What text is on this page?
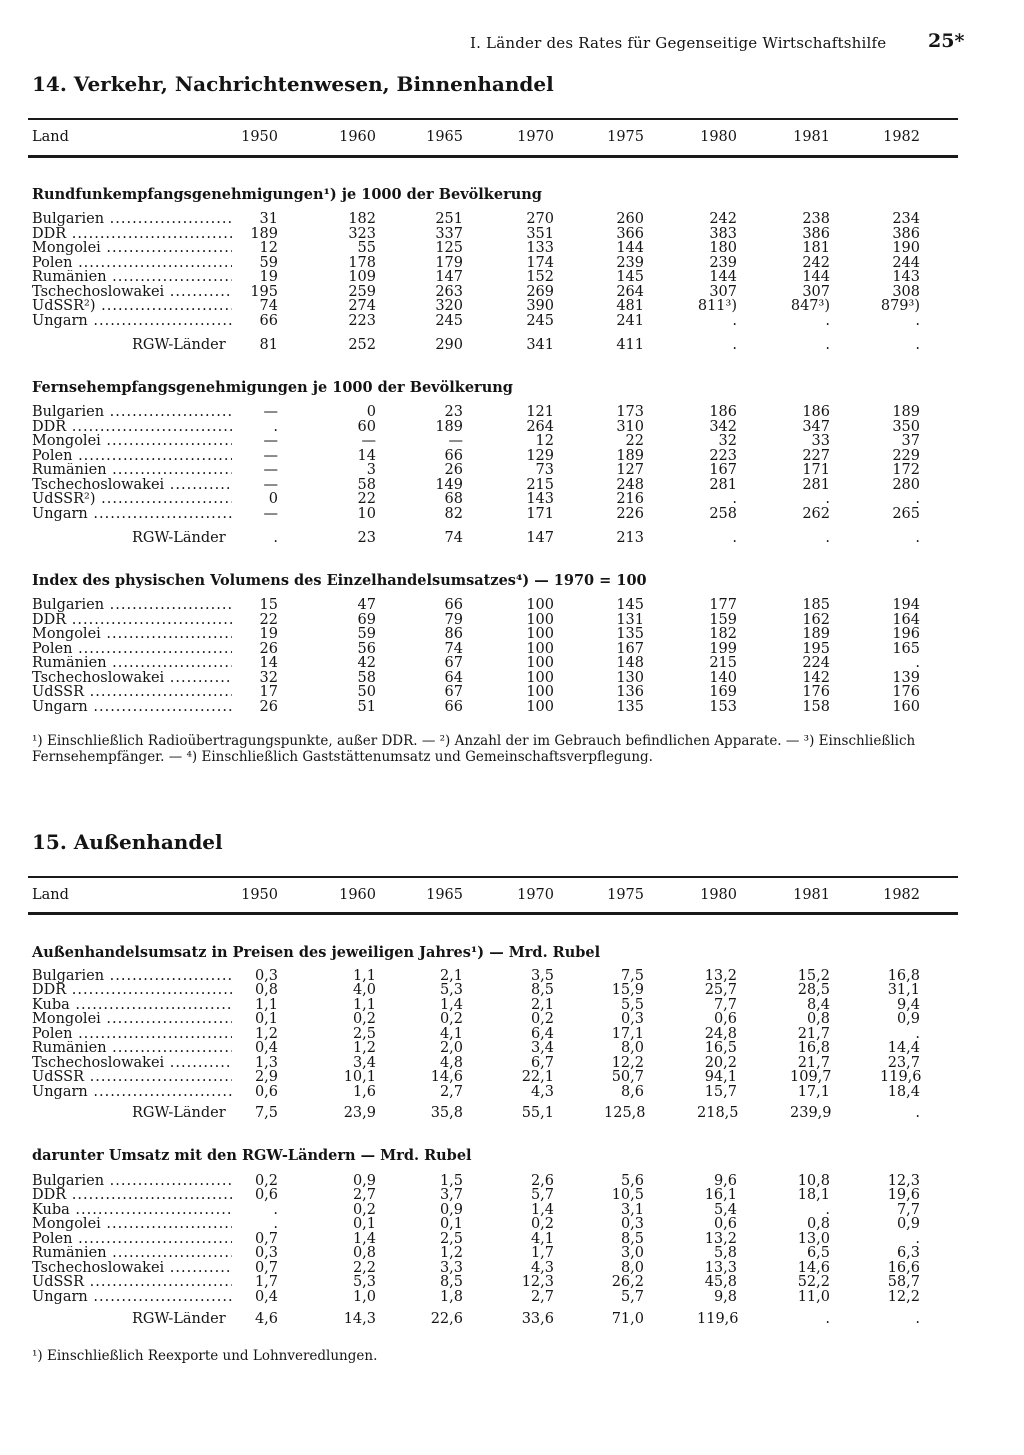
I. Länder des Rates für Gegenseitige Wirtschaftshilfe 25*
14. Verkehr, Nachrichtenwesen, Binnenhandel
Land	1950	1960	1965	1970	1975	1980	1981	1982
Rundfunkempfangsgenehmigungen¹) je 1000 der Bevölkerung
Bulgarien .....	31	182	251	270	260	242	238	234
DDR .....	189	323	337	351	366	383	386	386
Mongolei .....	12	55	125	133	144	180	181	190
Polen .....	59	178	179	174	239	239	242	244
Rumänien .....	19	109	147	152	145	144	144	143
Tschechoslowakei .....	195	259	263	269	264	307	307	308
UdSSR²) .....	74	274	320	390	481	811³)	847³)	879³)
Ungarn .....	66	223	245	245	241	.	.	.
RGW-Länder	81	252	290	341	411	.	.	.
Fernsehempfangsgenehmigungen je 1000 der Bevölkerung
Bulgarien .....	—	0	23	121	173	186	186	189
DDR .....	.	60	189	264	310	342	347	350
Mongolei .....	—	—	—	12	22	32	33	37
Polen .....	—	14	66	129	189	223	227	229
Rumänien .....	—	3	26	73	127	167	171	172
Tschechoslowakei .....	—	58	149	215	248	281	281	280
UdSSR²) .....	0	22	68	143	216	.	.	.
Ungarn .....	—	10	82	171	226	258	262	265
RGW-Länder	.	23	74	147	213	.	.	.
Index des physischen Volumens des Einzelhandelsumsatzes⁴) — 1970 = 100
Bulgarien .....	15	47	66	100	145	177	185	194
DDR .....	22	69	79	100	131	159	162	164
Mongolei .....	19	59	86	100	135	182	189	196
Polen .....	26	56	74	100	167	199	195	165
Rumänien .....	14	42	67	100	148	215	224	.
Tschechoslowakei .....	32	58	64	100	130	140	142	139
UdSSR .....	17	50	67	100	136	169	176	176
Ungarn .....	26	51	66	100	135	153	158	160
¹) Einschließlich Radioübertragungspunkte, außer DDR. — ²) Anzahl der im Gebrauch befindlichen Apparate. — ³) Einschließlich
Fernsehempfänger. — ⁴) Einschließlich Gaststättenumsatz und Gemeinschaftsverpflegung.
15. Außenhandel
Land	1950	1960	1965	1970	1975	1980	1981	1982
Außenhandelsumsatz in Preisen des jeweiligen Jahres¹) — Mrd. Rubel
Bulgarien .....	0,3	1,1	2,1	3,5	7,5	13,2	15,2	16,8
DDR .....	0,8	4,0	5,3	8,5	15,9	25,7	28,5	31,1
Kuba .....	1,1	1,1	1,4	2,1	5,5	7,7	8,4	9,4
Mongolei .....	0,1	0,2	0,2	0,2	0,3	0,6	0,8	0,9
Polen .....	1,2	2,5	4,1	6,4	17,1	24,8	21,7	.
Rumänien .....	0,4	1,2	2,0	3,4	8,0	16,5	16,8	14,4
Tschechoslowakei .....	1,3	3,4	4,8	6,7	12,2	20,2	21,7	23,7
UdSSR .....	2,9	10,1	14,6	22,1	50,7	94,1	109,7	119,6
Ungarn .....	0,6	1,6	2,7	4,3	8,6	15,7	17,1	18,4
RGW-Länder	7,5	23,9	35,8	55,1	125,8	218,5	239,9	.
darunter Umsatz mit den RGW-Ländern — Mrd. Rubel
Bulgarien .....	0,2	0,9	1,5	2,6	5,6	9,6	10,8	12,3
DDR .....	0,6	2,7	3,7	5,7	10,5	16,1	18,1	19,6
Kuba .....	.	0,2	0,9	1,4	3,1	5,4	.	7,7
Mongolei .....	.	0,1	0,1	0,2	0,3	0,6	0,8	0,9
Polen .....	0,7	1,4	2,5	4,1	8,5	13,2	13,0	.
Rumänien .....	0,3	0,8	1,2	1,7	3,0	5,8	6,5	6,3
Tschechoslowakei .....	0,7	2,2	3,3	4,3	8,0	13,3	14,6	16,6
UdSSR .....	1,7	5,3	8,5	12,3	26,2	45,8	52,2	58,7
Ungarn .....	0,4	1,0	1,8	2,7	5,7	9,8	11,0	12,2
RGW-Länder	4,6	14,3	22,6	33,6	71,0	119,6	.	.
¹) Einschließlich Reexporte und Lohnveredlungen.
